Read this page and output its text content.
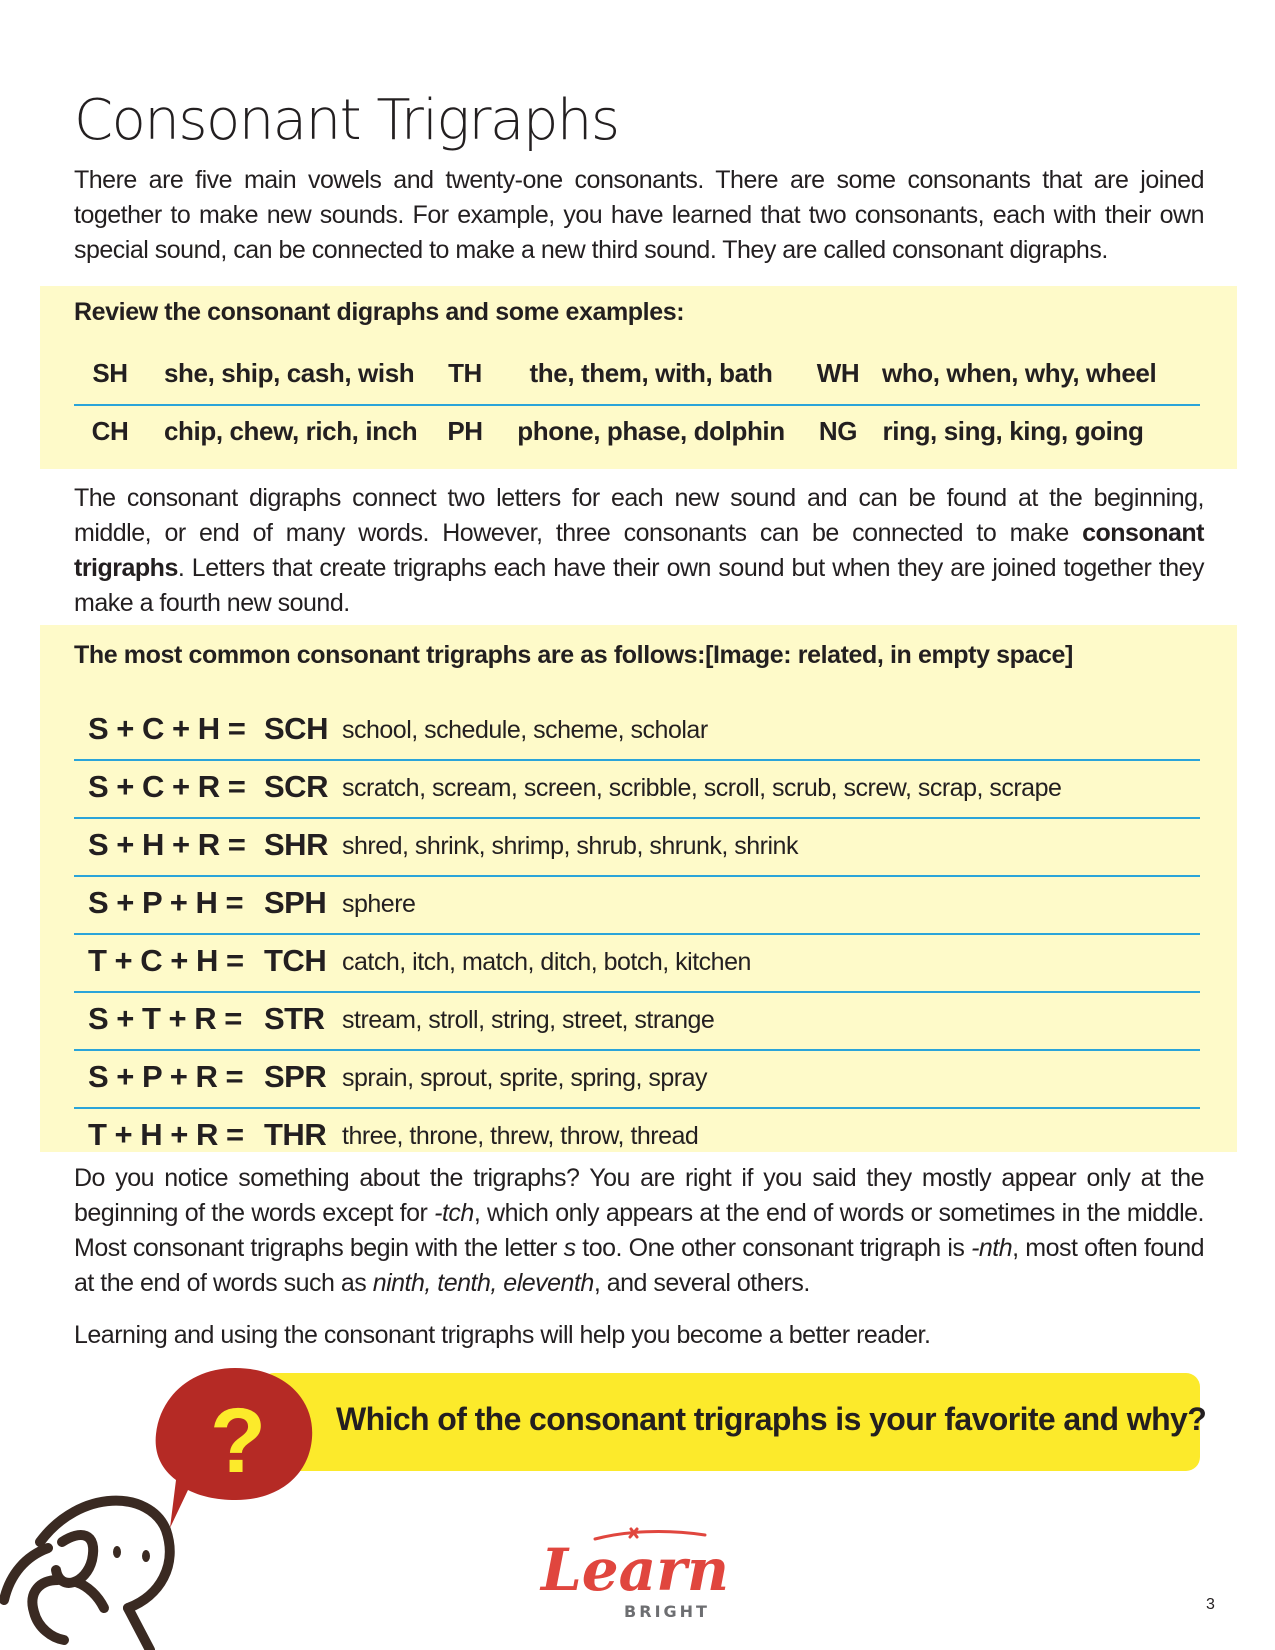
Consonant Trigraphs

There are five main vowels and twenty-one consonants. There are some consonants that are joined together to make new sounds. For example, you have learned that two consonants, each with their own special sound, can be connected to make a new third sound. They are called consonant digraphs.

Review the consonant digraphs and some examples:

SH	she, ship, cash, wish	TH	the, them, with, bath	WH who, when, why, wheel
CH	chip, chew, rich, inch	PH	phone, phase, dolphin	NG ring, sing, king, going

The consonant digraphs connect two letters for each new sound and can be found at the beginning, middle, or end of many words. However, three consonants can be connected to make consonant trigraphs. Letters that create trigraphs each have their own sound but when they are joined together they make a fourth new sound.

The most common consonant trigraphs are as follows:[Image: related, in empty space]

S + C + H = SCH school, schedule, scheme, scholar
S + C + R = SCR scratch, scream, screen, scribble, scroll, scrub, screw, scrap, scrape
S + H + R = SHR shred, shrink, shrimp, shrub, shrunk, shrink
S + P + H = SPH sphere
T + C + H = TCH catch, itch, match, ditch, botch, kitchen
S + T + R = STR stream, stroll, string, street, strange
S + P + R = SPR sprain, sprout, sprite, spring, spray
T + H + R = THR three, throne, threw, throw, thread

Do you notice something about the trigraphs? You are right if you said they mostly appear only at the beginning of the words except for -tch, which only appears at the end of words or sometimes in the middle. Most consonant trigraphs begin with the letter s too. One other consonant trigraph is -nth, most often found at the end of words such as ninth, tenth, eleventh, and several others.

Learning and using the consonant trigraphs will help you become a better reader.

Which of the consonant trigraphs is your favorite and why?
?
Learn
BRIGHT	3
